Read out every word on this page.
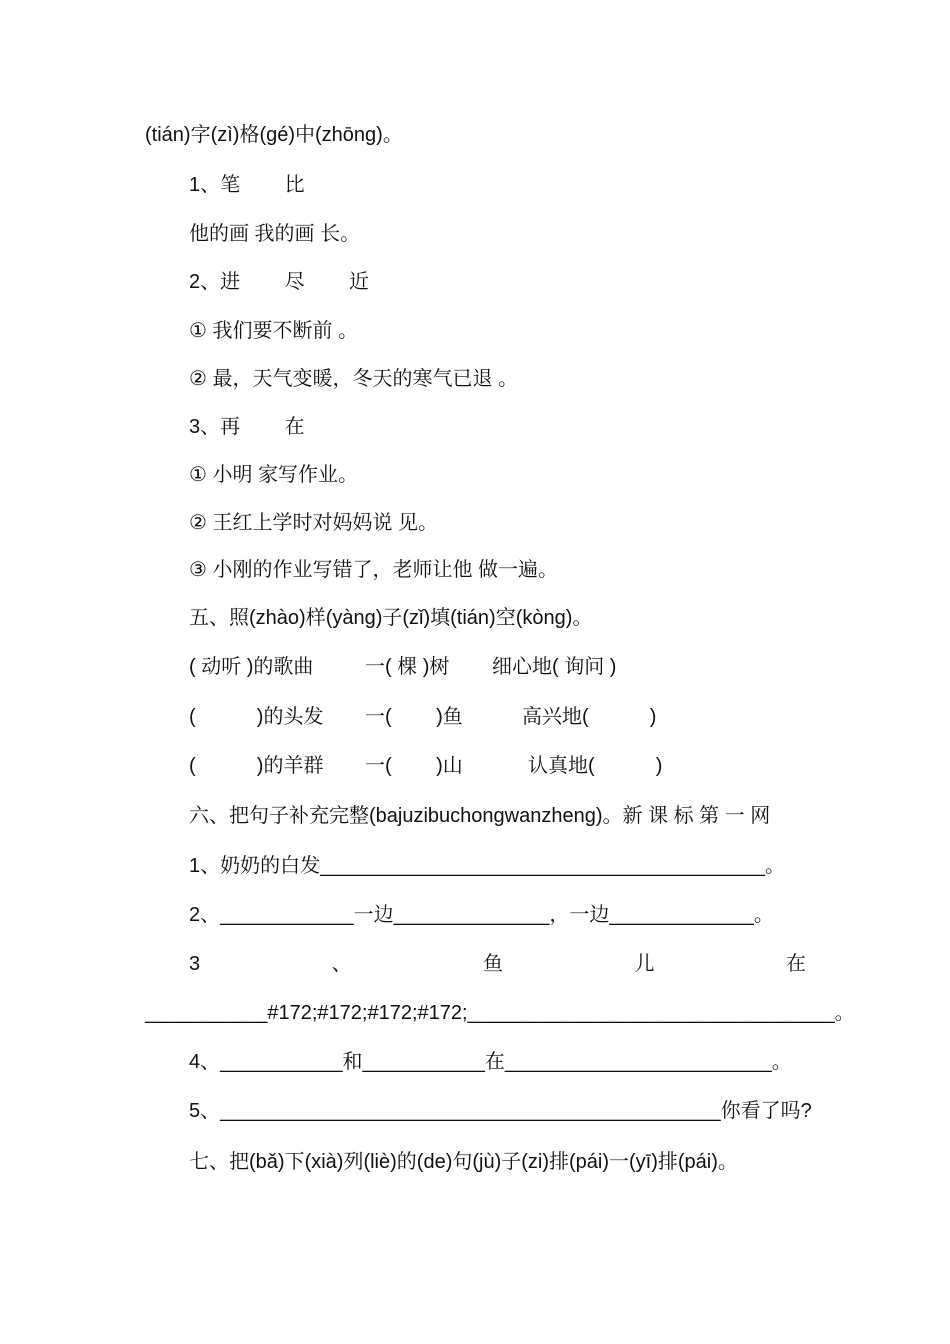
(tián)字(zì)格(gé)中(zhōng)。
1、笔        比
他的画 我的画 长。
2、进        尽        近
① 我们要不断前 。
② 最，天气变暖，冬天的寒气已退 。
3、再        在
① 小明 家写作业。
② 王红上学时对妈妈说 见。
③ 小刚的作业写错了，老师让他 做一遍。
五、照(zhào)样(yàng)子(zǐ)填(tián)空(kòng)。
( 动听 )的歌曲	一( 棵 )树 细心地( 询问 )
(           )的头发 一(        )鱼	高兴地(           )
(           )的羊群 一(        )山	认真地(           )
六、把句子补充完整(bajuzibuchongwanzheng)。新 课 标 第 一 网
1、奶奶的白发________________________________________。
2、____________一边______________，一边_____________。
3	、	鱼	儿	在
___________#172;#172;#172;#172;_________________________________。
4、___________和___________在________________________。
5、_____________________________________________你看了吗?
七、把(bǎ)下(xià)列(liè)的(de)句(jù)子(zi)排(pái)一(yī)排(pái)。
